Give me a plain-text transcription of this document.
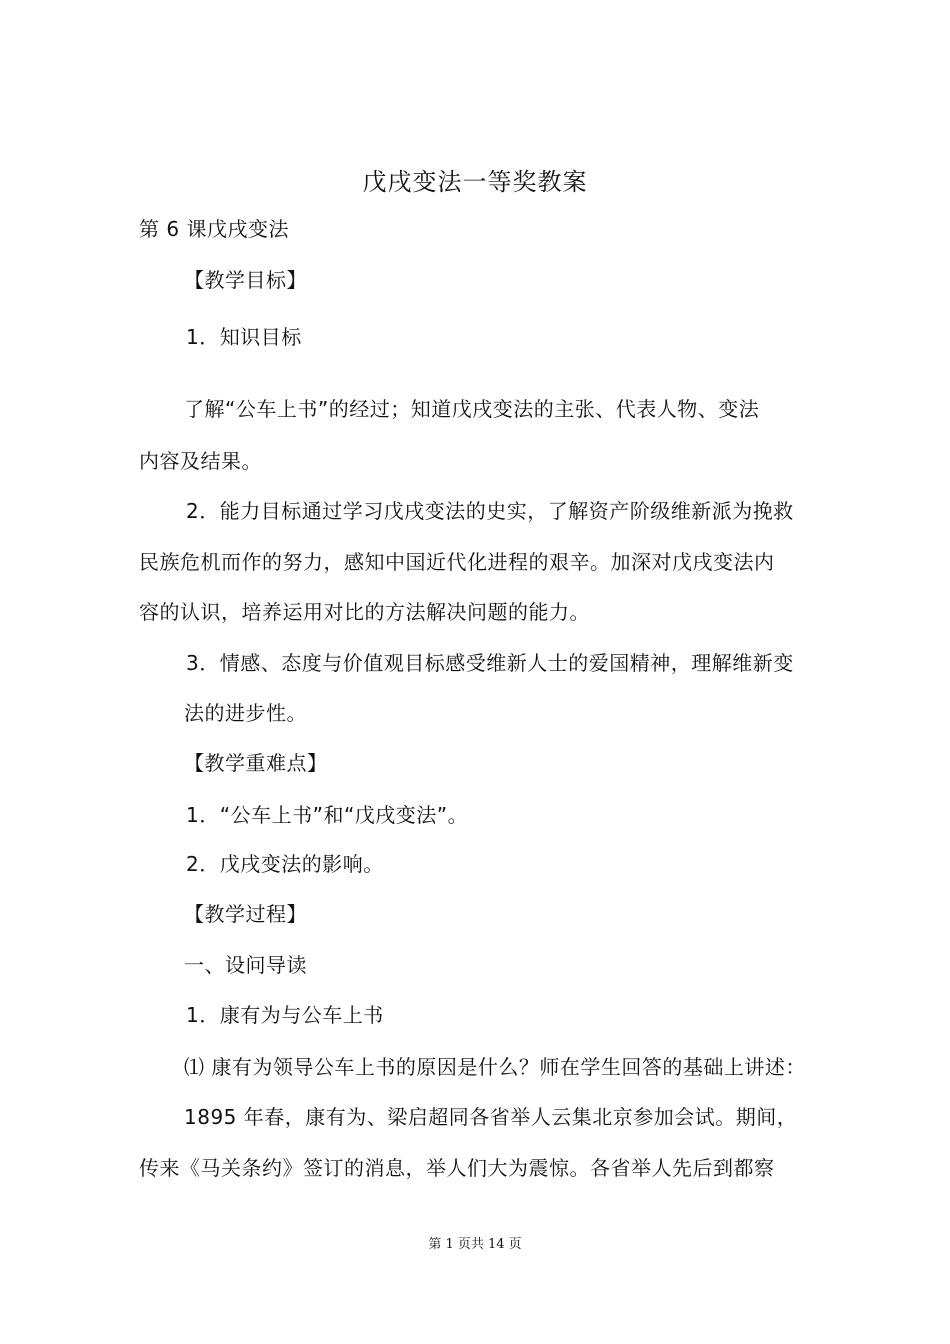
戊戌变法一等奖教案
第 6 课戊戌变法
【教学目标】
1．知识目标
了解“公车上书”的经过；知道戊戌变法的主张、代表人物、变法
内容及结果。
2．能力目标通过学习戊戌变法的史实，了解资产阶级维新派为挽救
民族危机而作的努力，感知中国近代化进程的艰辛。加深对戊戌变法内
容的认识，培养运用对比的方法解决问题的能力。
3．情感、态度与价值观目标感受维新人士的爱国精神，理解维新变
法的进步性。
【教学重难点】
1．“公车上书”和“戊戌变法”。
2．戊戌变法的影响。
【教学过程】
一、设问导读
1．康有为与公车上书
⑴ 康有为领导公车上书的原因是什么？师在学生回答的基础上讲述：
1895 年春，康有为、梁启超同各省举人云集北京参加会试。期间，
传来《马关条约》签订的消息，举人们大为震惊。各省举人先后到都察
第 1 页共 14 页
